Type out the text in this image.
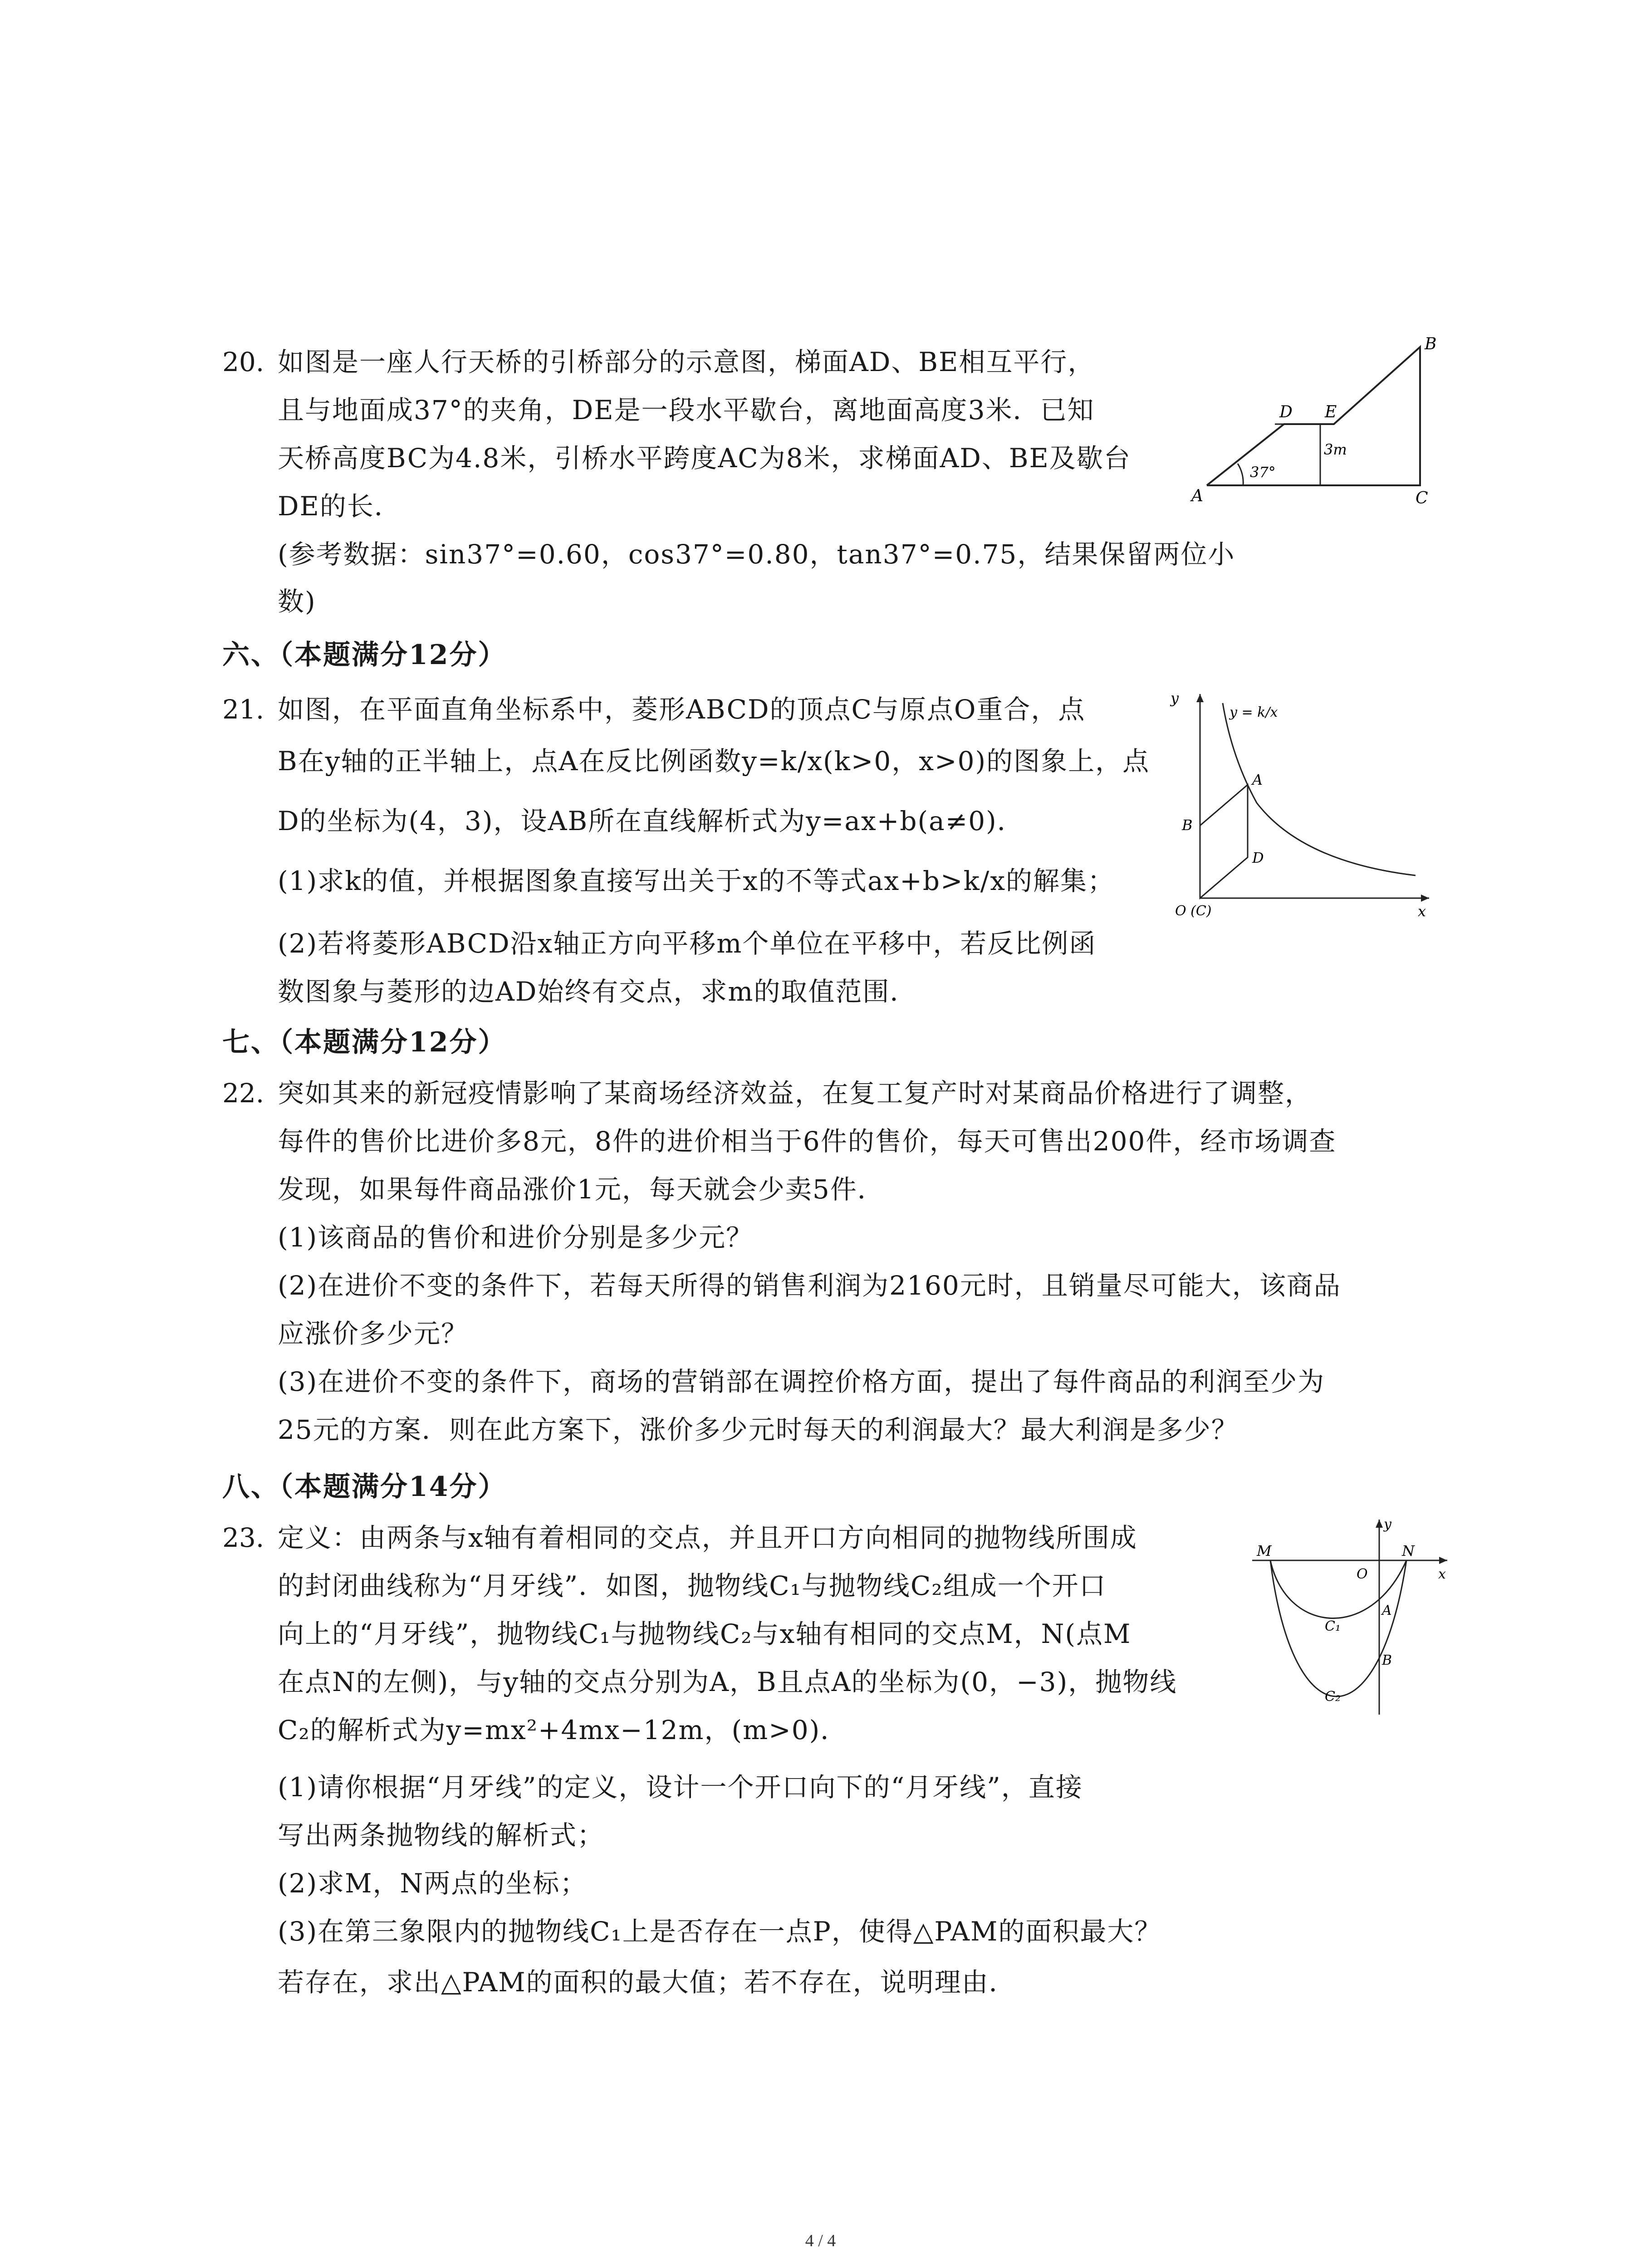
20. 如图是一座人行天桥的引桥部分的示意图，梯面AD、BE相互平行，
且与地面成37°的夹角，DE是一段水平歇台，离地面高度3米．已知
天桥高度BC为4.8米，引桥水平跨度AC为8米，求梯面AD、BE及歇台
DE的长．
(参考数据：sin37°=0.60，cos37°=0.80，tan37°=0.75，结果保留两位小
数)
37°
3m
A
D E
B
C
六、（本题满分12分）
21. 如图，在平面直角坐标系中，菱形ABCD的顶点C与原点O重合，点
B在y轴的正半轴上，点A在反比例函数y=k/x(k>0，x>0)的图象上，点
D的坐标为(4，3)，设AB所在直线解析式为y=ax+b(a≠0)．
(1)求k的值，并根据图象直接写出关于x的不等式ax+b>k/x的解集；
(2)若将菱形ABCD沿x轴正方向平移m个单位在平移中，若反比例函
数图象与菱形的边AD始终有交点，求m的取值范围．
y
x
y = k/x
A
B
D
O (C)
七、（本题满分12分）
22. 突如其来的新冠疫情影响了某商场经济效益，在复工复产时对某商品价格进行了调整，
每件的售价比进价多8元，8件的进价相当于6件的售价，每天可售出200件，经市场调查
发现，如果每件商品涨价1元，每天就会少卖5件．
(1)该商品的售价和进价分别是多少元？
(2)在进价不变的条件下，若每天所得的销售利润为2160元时，且销量尽可能大，该商品
应涨价多少元？
(3)在进价不变的条件下，商场的营销部在调控价格方面，提出了每件商品的利润至少为
25元的方案．则在此方案下，涨价多少元时每天的利润最大？最大利润是多少？
八、（本题满分14分）
23. 定义：由两条与x轴有着相同的交点，并且开口方向相同的抛物线所围成
的封闭曲线称为“月牙线”．如图，抛物线C₁与抛物线C₂组成一个开口
向上的“月牙线”，抛物线C₁与抛物线C₂与x轴有相同的交点M，N(点M
在点N的左侧)，与y轴的交点分别为A，B且点A的坐标为(0，−3)，抛物线
C₂的解析式为y=mx²+4mx−12m，(m>0)．
(1)请你根据“月牙线”的定义，设计一个开口向下的“月牙线”，直接
写出两条抛物线的解析式；
(2)求M，N两点的坐标；
(3)在第三象限内的抛物线C₁上是否存在一点P，使得△PAM的面积最大？
若存在，求出△PAM的面积的最大值；若不存在，说明理由．
M	N
O
y
x
A
B
C₁
C₂
4 / 4
